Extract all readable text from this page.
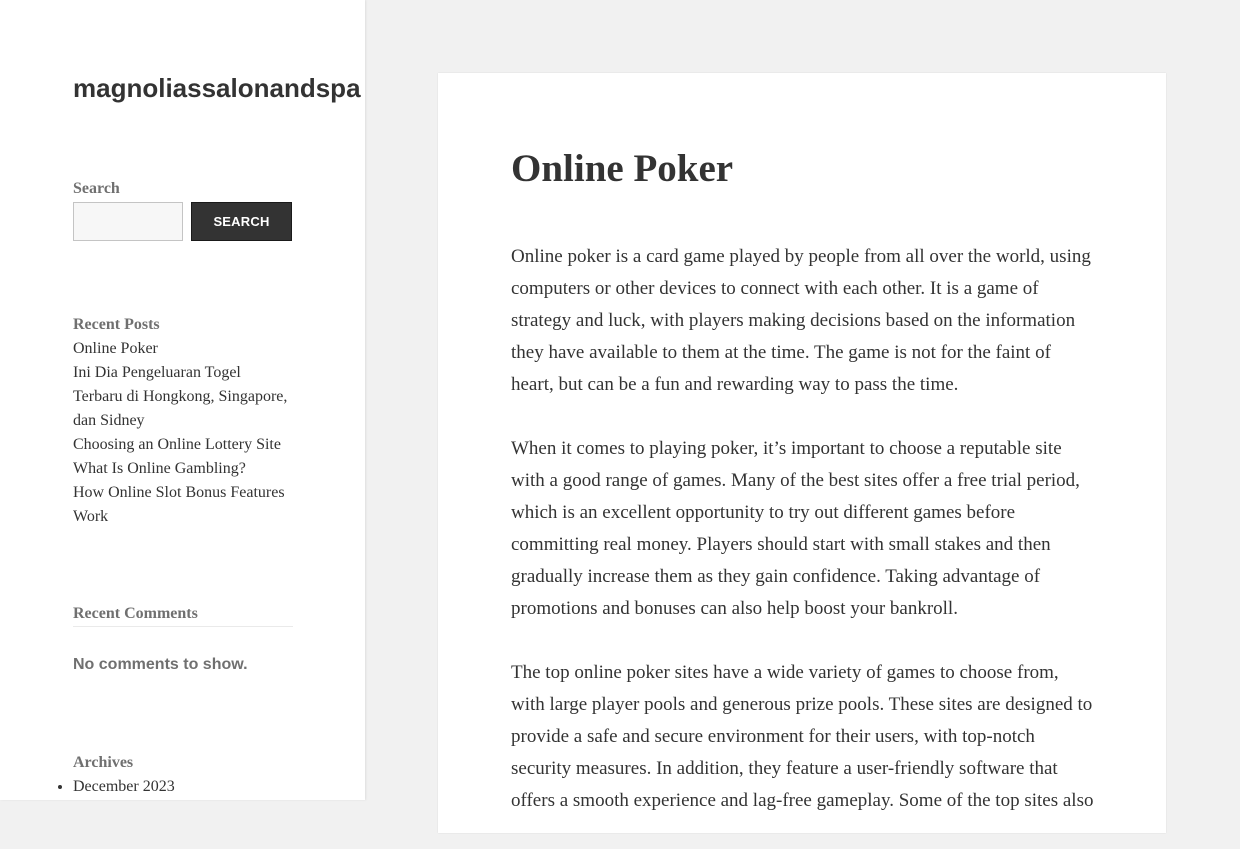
magnoliassalonandspa
Search
SEARCH
Recent Posts
Online Poker
Ini Dia Pengeluaran Togel Terbaru di Hongkong, Singapore, dan Sidney
Choosing an Online Lottery Site
What Is Online Gambling?
How Online Slot Bonus Features Work
Recent Comments

No comments to show.

Archives
• December 2023
Online Poker

Online poker is a card game played by people from all over the world, using computers or other devices to connect with each other. It is a game of strategy and luck, with players making decisions based on the information they have available to them at the time. The game is not for the faint of heart, but can be a fun and rewarding way to pass the time.

When it comes to playing poker, it’s important to choose a reputable site with a good range of games. Many of the best sites offer a free trial period, which is an excellent opportunity to try out different games before committing real money. Players should start with small stakes and then gradually increase them as they gain confidence. Taking advantage of promotions and bonuses can also help boost your bankroll.

The top online poker sites have a wide variety of games to choose from, with large player pools and generous prize pools. These sites are designed to provide a safe and secure environment for their users, with top-notch security measures. In addition, they feature a user-friendly software that offers a smooth experience and lag-free gameplay. Some of the top sites also
